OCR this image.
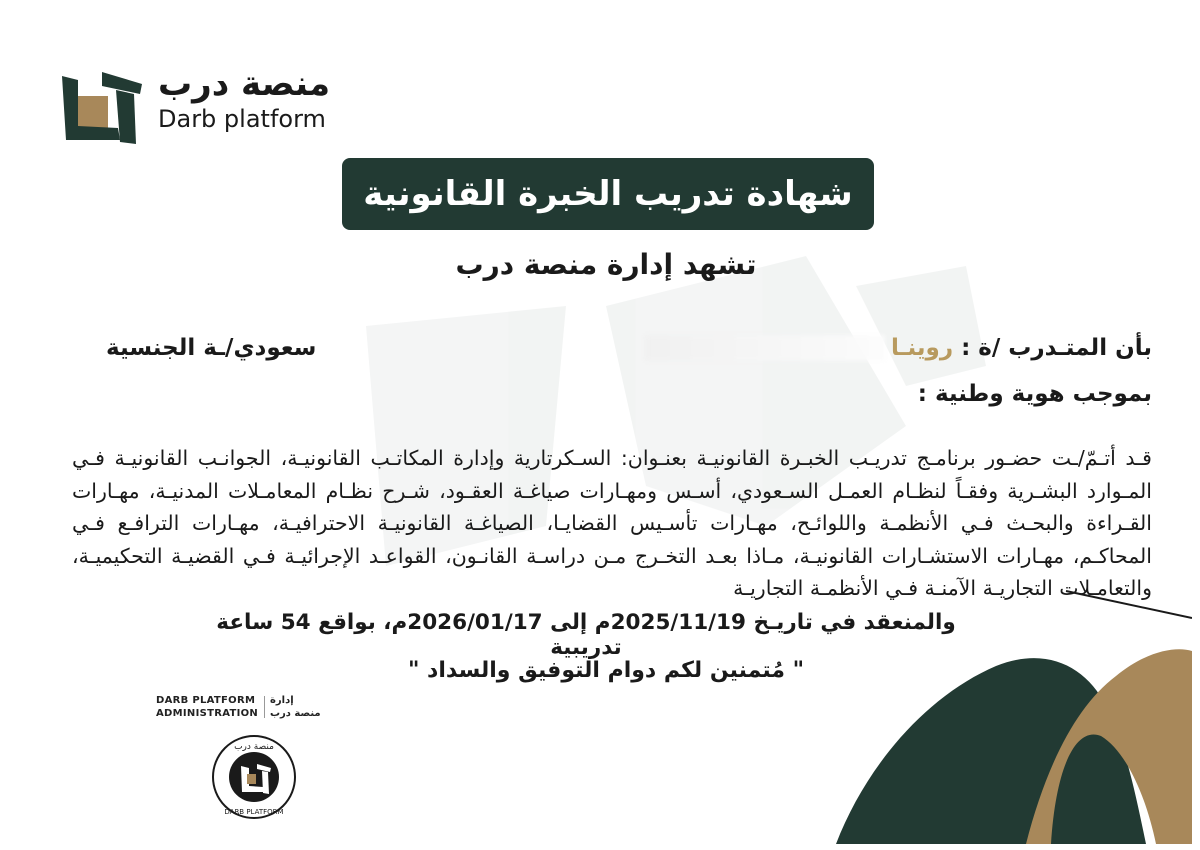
منصة درب
Darb platform
شهادة تدريب الخبرة القانونية
تشهد إدارة منصة درب
بأن المتـدرب /ة :
روينـا
سعودي/ـة الجنسية
بموجب هوية وطنية :
قـد أتـمّ/ـت حضـور برنامـج تدريـب الخبـرة القانونيـة بعنـوان: السـكرتارية وإدارة المكاتـب القانونيـة، الجوانـب القانونيـة فـي المـوارد البشـرية وفقـاً لنظـام العمـل السـعودي، أسـس ومهـارات صياغـة العقـود، شـرح نظـام المعامـلات المدنيـة، مهـارات القـراءة والبحـث فـي الأنظمـة واللوائـح، مهـارات تأسـيس القضايـا، الصياغـة القانونيـة الاحترافيـة، مهـارات الترافـع فـي المحاكـم، مهـارات الاستشـارات القانونيـة، مـاذا بعـد التخـرج مـن دراسـة القانـون، القواعـد الإجرائيـة فـي القضيـة التحكيميـة، والتعامـلات التجاريـة الآمنـة فـي الأنظمـة التجاريـة
والمنعقد في تاريـخ 2025/11/19م إلى 2026/01/17م، بواقع 54 ساعة تدريبية
" مُتمنين لكم دوام التوفيق والسداد "
DARB PLATFORM
ADMINISTRATION
إدارة
منصة درب
منصة درب
DARB PLATFORM
